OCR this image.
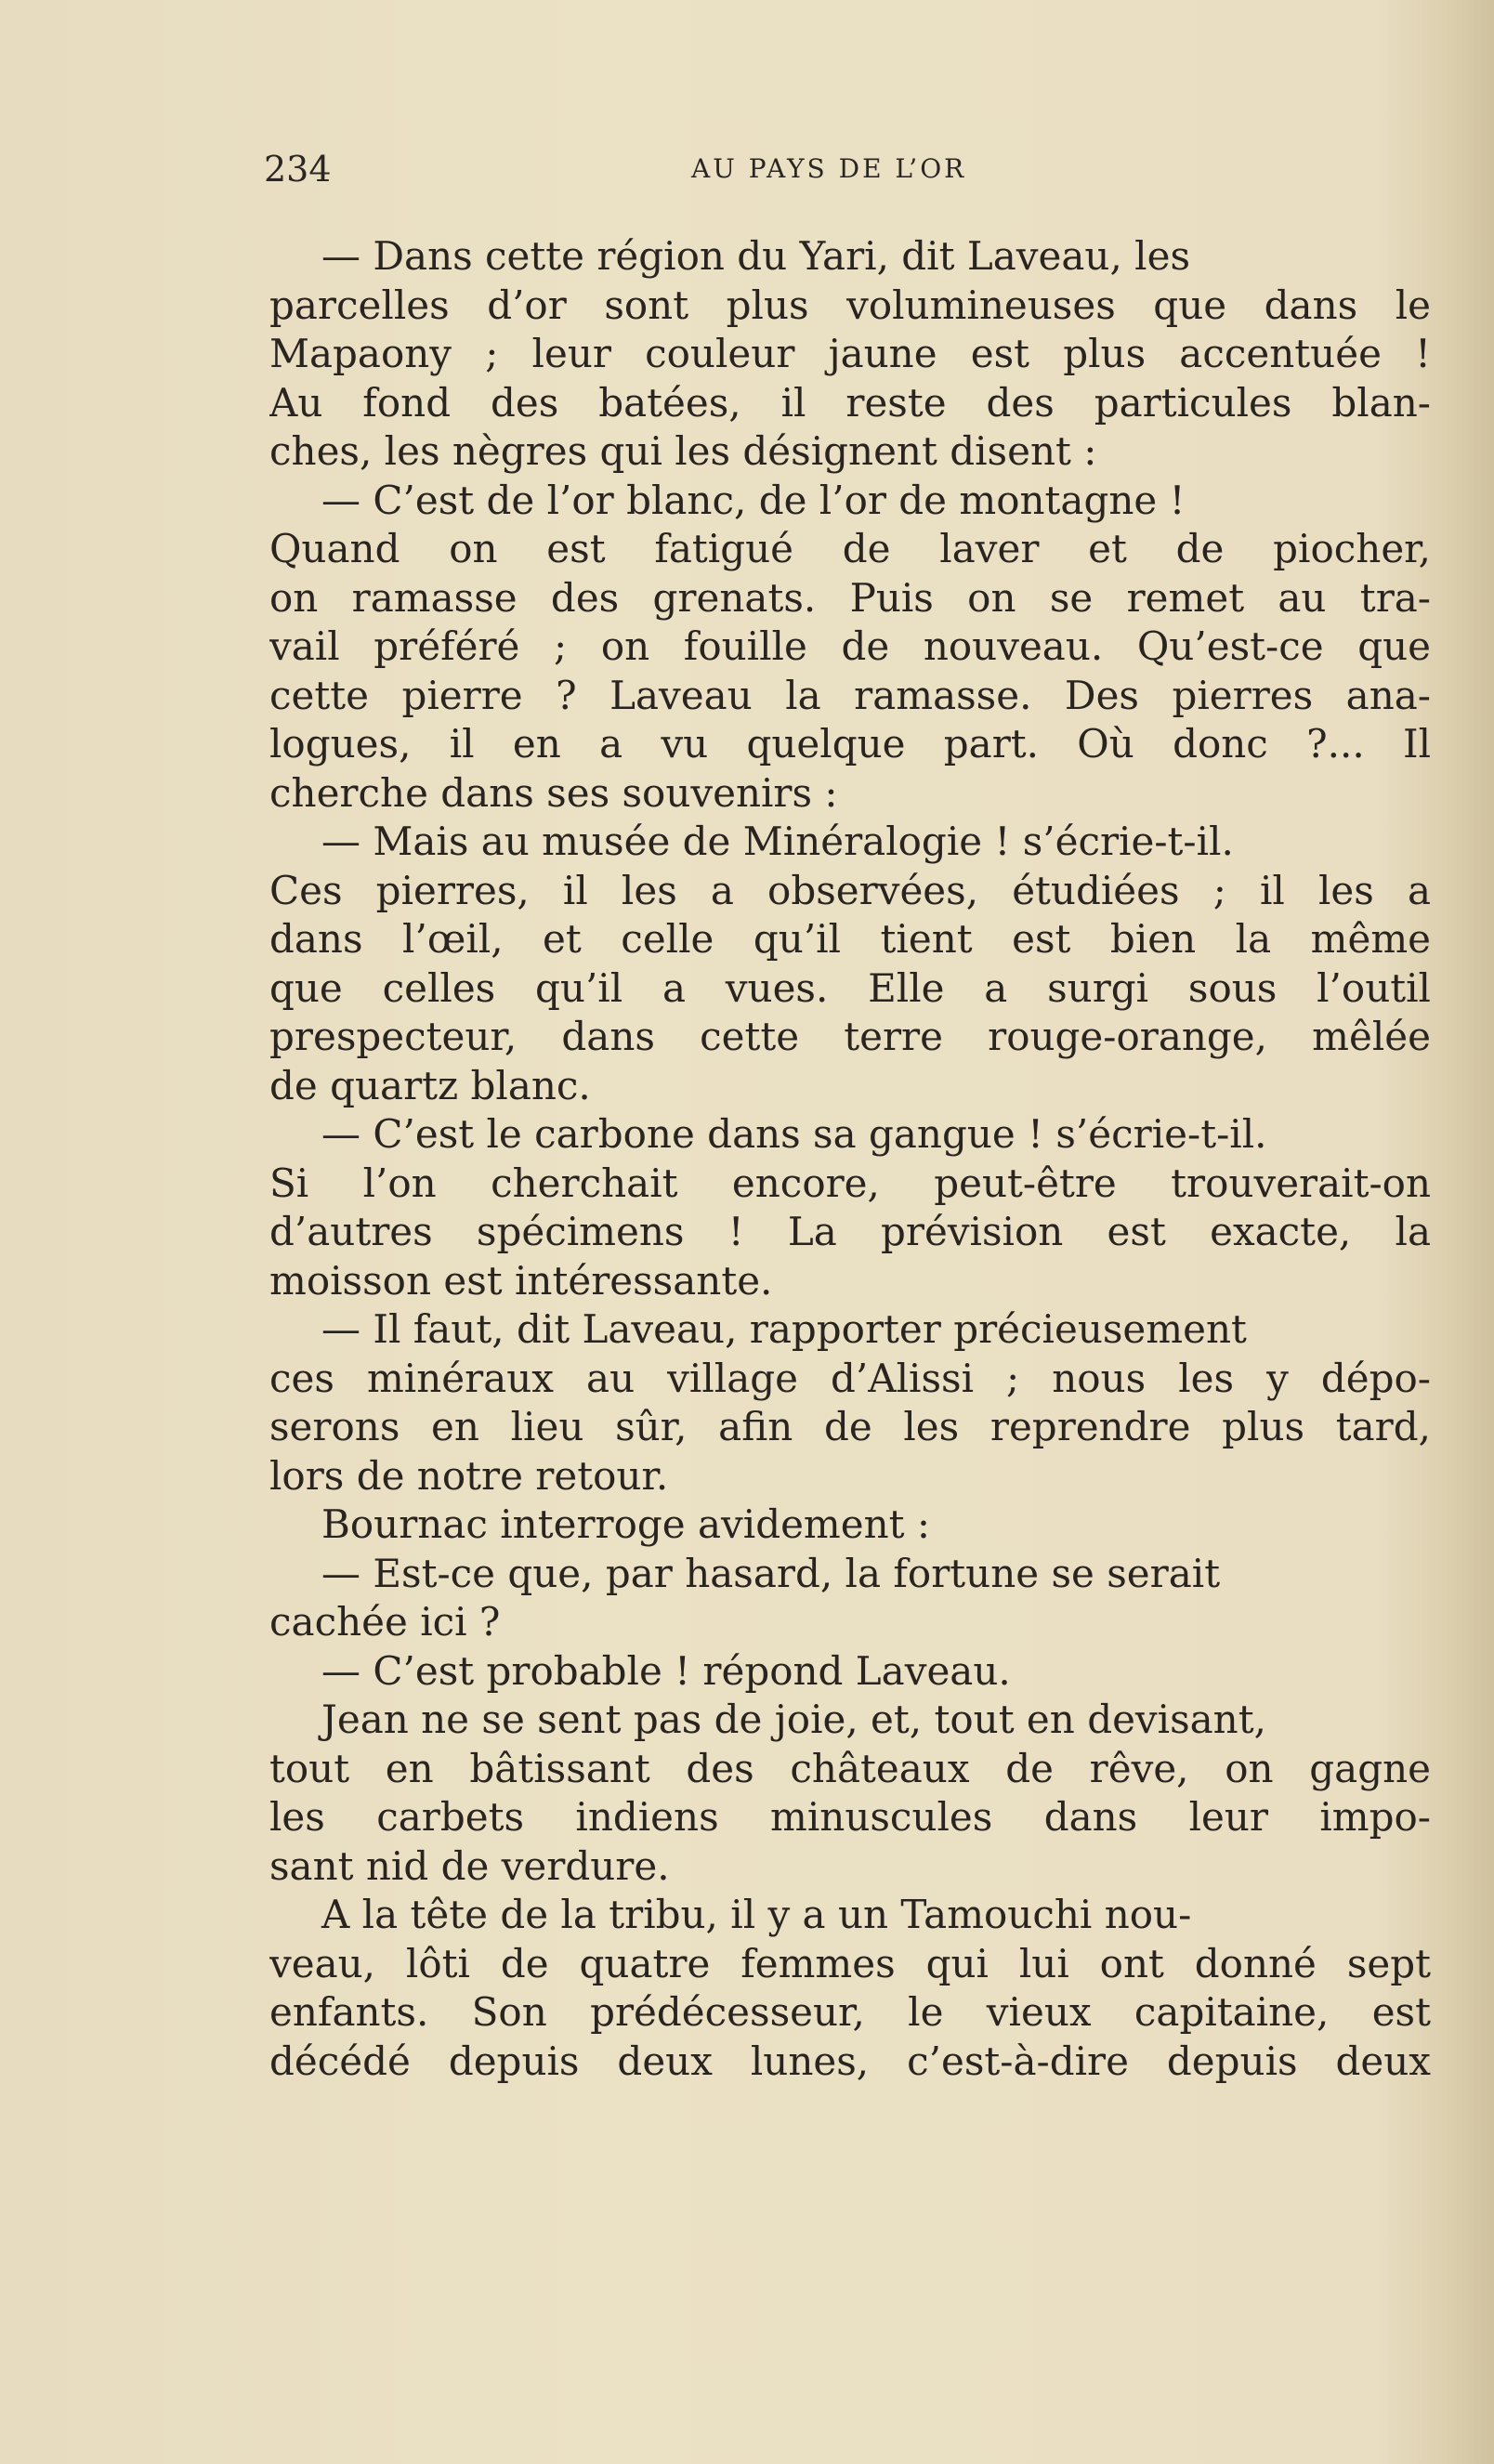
234	AU PAYS DE L’OR
— Dans cette région du Yari, dit Laveau, les
parcelles d’or sont plus volumineuses que dans le
Mapaony ; leur couleur jaune est plus accentuée !
Au fond des batées, il reste des particules blan-
ches, les nègres qui les désignent disent :
— C’est de l’or blanc, de l’or de montagne !
Quand on est fatigué de laver et de piocher,
on ramasse des grenats. Puis on se remet au tra-
vail préféré ; on fouille de nouveau. Qu’est-ce que
cette pierre ? Laveau la ramasse. Des pierres ana-
logues, il en a vu quelque part. Où donc ?... Il
cherche dans ses souvenirs :
— Mais au musée de Minéralogie ! s’écrie-t-il.
Ces pierres, il les a observées, étudiées ; il les a
dans l’œil, et celle qu’il tient est bien la même
que celles qu’il a vues. Elle a surgi sous l’outil
prespecteur, dans cette terre rouge-orange, mêlée
de quartz blanc.
— C’est le carbone dans sa gangue ! s’écrie-t-il.
Si l’on cherchait encore, peut-être trouverait-on
d’autres spécimens ! La prévision est exacte, la
moisson est intéressante.
— Il faut, dit Laveau, rapporter précieusement
ces minéraux au village d’Alissi ; nous les y dépo-
serons en lieu sûr, afin de les reprendre plus tard,
lors de notre retour.
Bournac interroge avidement :
— Est-ce que, par hasard, la fortune se serait
cachée ici ?
— C’est probable ! répond Laveau.
Jean ne se sent pas de joie, et, tout en devisant,
tout en bâtissant des châteaux de rêve, on gagne
les carbets indiens minuscules dans leur impo-
sant nid de verdure.
A la tête de la tribu, il y a un Tamouchi nou-
veau, lôti de quatre femmes qui lui ont donné sept
enfants. Son prédécesseur, le vieux capitaine, est
décédé depuis deux lunes, c’est-à-dire depuis deux
